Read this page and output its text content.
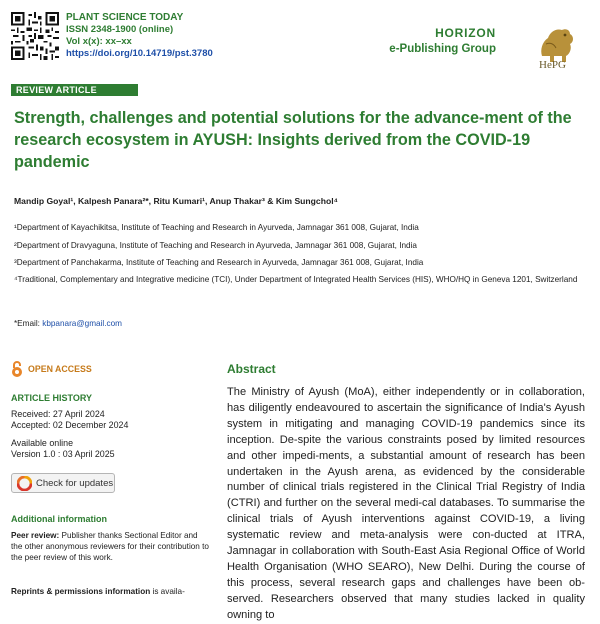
PLANT SCIENCE TODAY
ISSN 2348-1900 (online)
Vol x(x): xx–xx
https://doi.org/10.14719/pst.3780
HORIZON
e-Publishing Group
HePG
REVIEW ARTICLE
Strength, challenges and potential solutions for the advance-ment of the research ecosystem in AYUSH: Insights derived from the COVID-19 pandemic
Mandip Goyal¹, Kalpesh Panara²*, Ritu Kumari¹, Anup Thakar³ & Kim Sungchol⁴
¹Department of Kayachikitsa, Institute of Teaching and Research in Ayurveda, Jamnagar 361 008, Gujarat, India
²Department of Dravyaguna, Institute of Teaching and Research in Ayurveda, Jamnagar 361 008, Gujarat, India
³Department of Panchakarma, Institute of Teaching and Research in Ayurveda, Jamnagar 361 008, Gujarat, India
⁴Traditional, Complementary and Integrative medicine (TCI), Under Department of Integrated Health Services (HIS), WHO/HQ in Geneva 1201, Switzerland
*Email: kbpanara@gmail.com
OPEN ACCESS
ARTICLE HISTORY
Received: 27 April 2024
Accepted: 02 December 2024
Available online
Version 1.0 : 03 April 2025
Check for updates
Additional information
Peer review: Publisher thanks Sectional Editor and the other anonymous reviewers for their contribution to the peer review of this work.
Reprints & permissions information is availa-
Abstract
The Ministry of Ayush (MoA), either independently or in collaboration, has diligently endeavoured to ascertain the significance of India's Ayush system in mitigating and managing COVID-19 pandemics since its inception. De-spite the various constraints posed by limited resources and other impedi-ments, a substantial amount of research has been undertaken in the Ayush arena, as evidenced by the considerable number of clinical trials registered in the Clinical Trial Registry of India (CTRI) and further on the several medi-cal databases. To summarise the clinical trials of Ayush interventions against COVID-19, a living systematic review and meta-analysis were con-ducted at ITRA, Jamnagar in collaboration with South-East Asia Regional Office of World Health Organisation (WHO SEARO), New Delhi. During the course of this process, several research gaps and challenges have been ob-served. Researchers observed that many studies lacked in quality owning to
